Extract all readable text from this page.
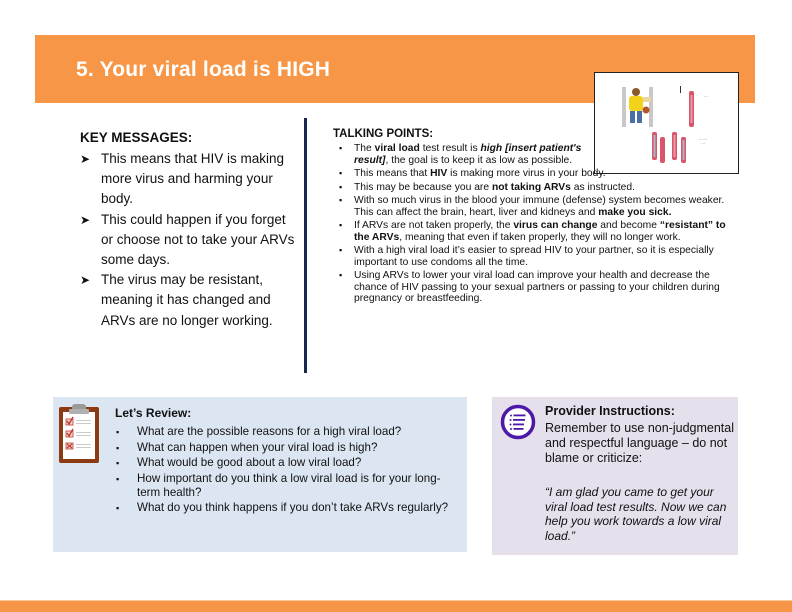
5. Your viral load is HIGH
...
-- -
--- ----
- --
KEY MESSAGES:
➤ This means that HIV is making more virus and harming your body.
➤ This could happen if you forget or choose not to take your ARVs some days.
➤ The virus may be resistant, meaning it has changed and ARVs are no longer working.
TALKING POINTS:
▪ The viral load test result is high [insert patient's result], the goal is to keep it as low as possible.
▪ This means that HIV is making more virus in your body.
▪ This may be because you are not taking ARVs as instructed.
▪ With so much virus in the blood your immune (defense) system becomes weaker. This can affect the brain, heart, liver and kidneys and make you sick.
▪ If ARVs are not taken properly, the virus can change and become “resistant” to the ARVs, meaning that even if taken properly, they will no longer work.
▪ With a high viral load it’s easier to spread HIV to your partner, so it is especially important to use condoms all the time.
▪ Using ARVs to lower your viral load can improve your health and decrease the chance of HIV passing to your sexual partners or passing to your children during pregnancy or breastfeeding.
Let’s Review:
▪ What are the possible reasons for a high viral load?
▪ What can happen when your viral load is high?
▪ What would be good about a low viral load?
▪ How important do you think a low viral load is for your long-term health?
▪ What do you think happens if you don’t take ARVs regularly?
Provider Instructions:
Remember to use non-judgmental and respectful language – do not blame or criticize:
“I am glad you came to get your viral load test results. Now we can help you work towards a low viral load.”
